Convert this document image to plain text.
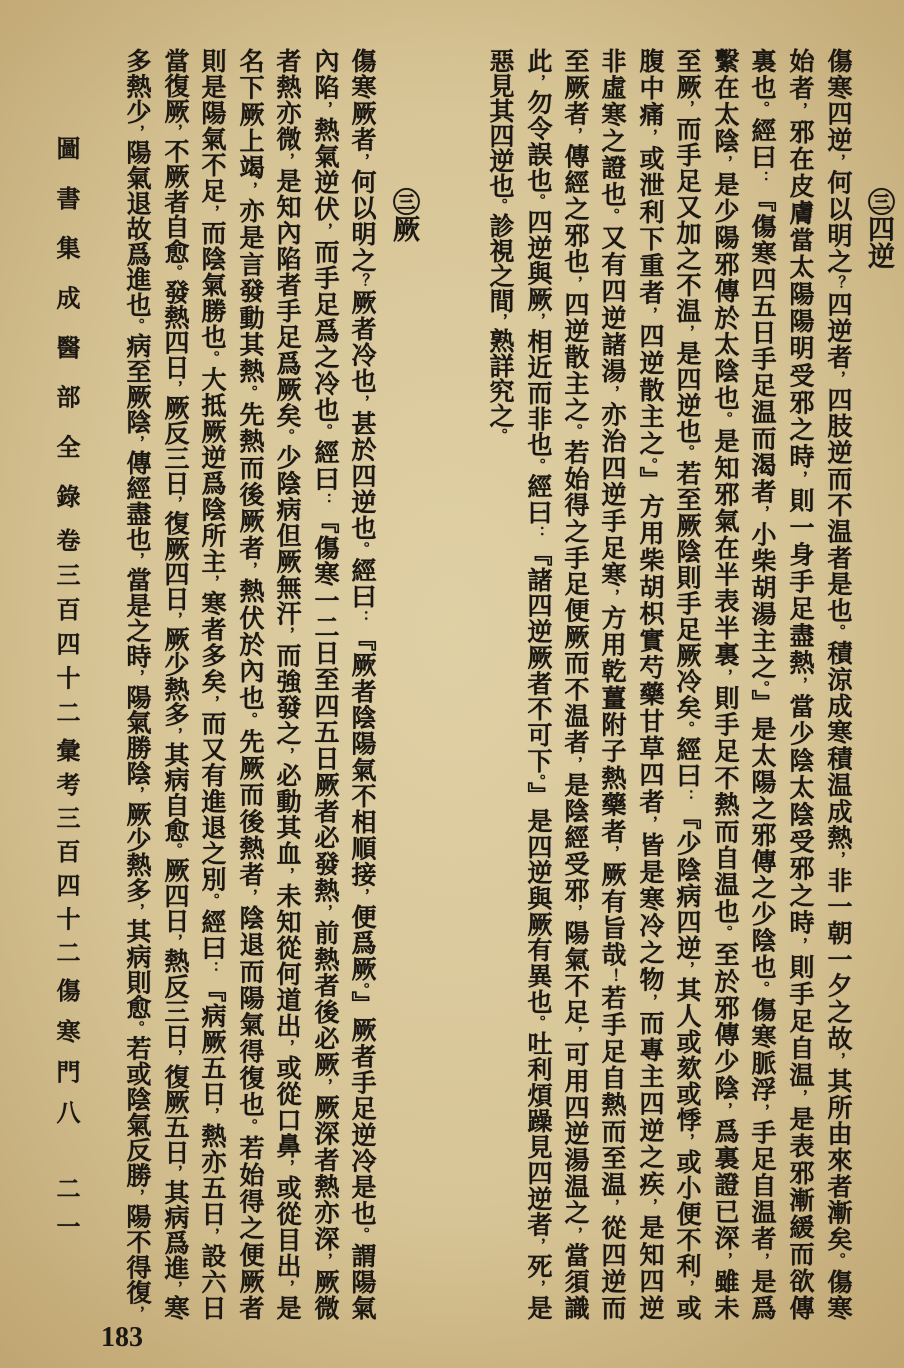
㊂四逆
傷寒四逆，何以明之？四逆者，四肢逆而不温者是也。積涼成寒積温成熱，非一朝一夕之故，其所由來者漸矣。傷寒
始者，邪在皮膚當太陽陽明受邪之時，則一身手足盡熱，當少陰太陰受邪之時，則手足自温，是表邪漸緩而欲傳
裏也。經曰：『傷寒四五日手足温而渴者，小柴胡湯主之。』是太陽之邪傳之少陰也。傷寒脈浮，手足自温者，是爲
繫在太陰，是少陽邪傳於太陰也。是知邪氣在半表半裏，則手足不熱而自温也。至於邪傳少陰，爲裏證已深，雖未
至厥，而手足又加之不温，是四逆也。若至厥陰則手足厥冷矣。經曰：『少陰病四逆，其人或欬或悸，或小便不利，或
腹中痛，或泄利下重者，四逆散主之。』方用柴胡枳實芍藥甘草四者，皆是寒冷之物，而專主四逆之疾，是知四逆
非虛寒之證也。又有四逆諸湯，亦治四逆手足寒，方用乾薑附子熱藥者，厥有旨哉！若手足自熱而至温，從四逆而
至厥者，傳經之邪也，四逆散主之。若始得之手足便厥而不温者，是陰經受邪，陽氣不足，可用四逆湯温之，當須識
此，勿令誤也。四逆與厥，相近而非也。經曰：『諸四逆厥者不可下。』是四逆與厥有異也。吐利煩躁見四逆者，死，是
惡見其四逆也。診視之間，熟詳究之。
㊂厥
傷寒厥者，何以明之？厥者冷也，甚於四逆也。經曰：『厥者陰陽氣不相順接，便爲厥。』厥者手足逆冷是也。謂陽氣
內陷，熱氣逆伏，而手足爲之冷也。經曰：『傷寒一二日至四五日厥者必發熱，前熱者後必厥，厥深者熱亦深，厥微
者熱亦微，是知內陷者手足爲厥矣。少陰病但厥無汗，而強發之，必動其血，未知從何道出，或從口鼻，或從目出，是
名下厥上竭，亦是言發動其熱。先熱而後厥者，熱伏於內也。先厥而後熱者，陰退而陽氣得復也。若始得之便厥者
則是陽氣不足，而陰氣勝也。大抵厥逆爲陰所主，寒者多矣，而又有進退之別。經曰：『病厥五日，熱亦五日，設六日
當復厥，不厥者自愈。發熱四日，厥反三日，復厥四日，厥少熱多，其病自愈。厥四日，熱反三日，復厥五日，其病爲進，寒
多熱少，陽氣退故爲進也。病至厥陰，傳經盡也，當是之時，陽氣勝陰，厥少熱多，其病則愈。若或陰氣反勝，陽不得復，
圖書集成醫部全錄
卷三百四十二
彙考三百四十二
傷寒門八
二一
183
